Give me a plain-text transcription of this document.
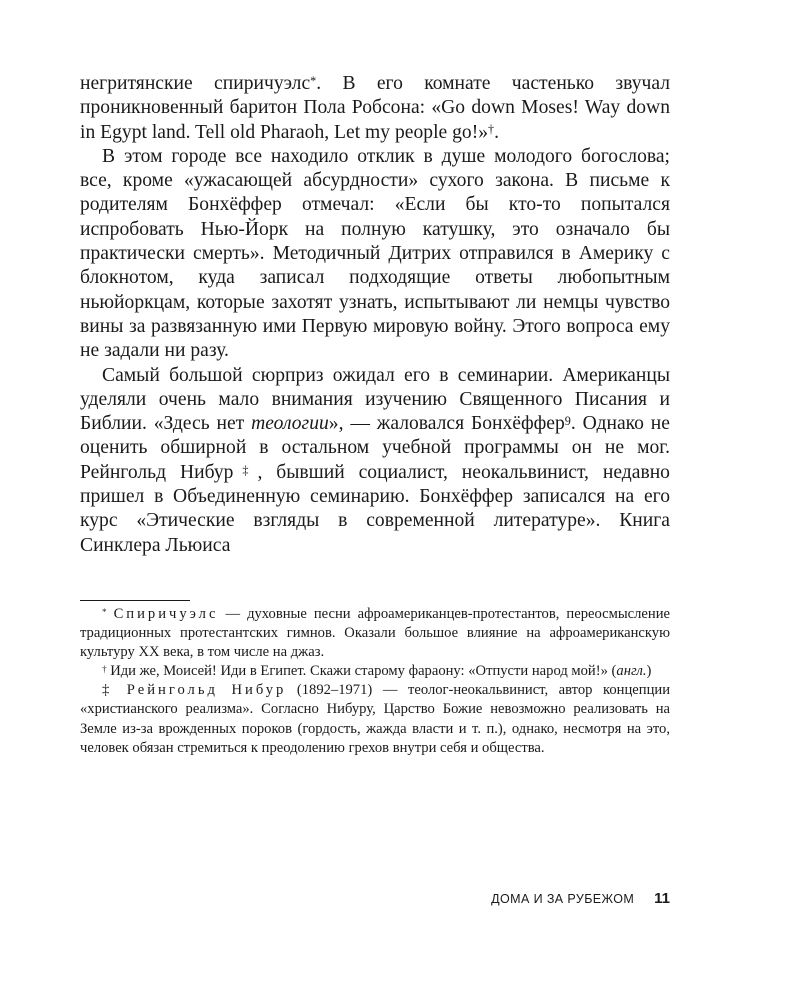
негритянские спиричуэлс*. В его комнате частенько звучал проникновенный баритон Пола Робсона: «Go down Moses! Way down in Egypt land. Tell old Pharaoh, Let my people go!»†.

В этом городе все находило отклик в душе молодого богослова; все, кроме «ужасающей абсурдности» сухого закона. В письме к родителям Бонхёффер отмечал: «Если бы кто-то попытался испробовать Нью-Йорк на полную катушку, это означало бы практически смерть». Методичный Дитрих отправился в Америку с блокнотом, куда записал подходящие ответы любопытным ньюйоркцам, которые захотят узнать, испытывают ли немцы чувство вины за развязанную ими Первую мировую войну. Этого вопроса ему не задали ни разу.

Самый большой сюрприз ожидал его в семинарии. Американцы уделяли очень мало внимания изучению Священного Писания и Библии. «Здесь нет теологии», — жаловался Бонхёффер$^9$. Однако не оценить обширной в остальном учебной программы он не мог. Рейнгольд Нибур‡, бывший социалист, неокальвинист, недавно пришел в Объединенную семинарию. Бонхёффер записался на его курс «Этические взгляды в современной литературе». Книга Синклера Льюиса

* Спиричуэлс — духовные песни афроамериканцев-протестантов, переосмысление традиционных протестантских гимнов. Оказали большое влияние на афроамериканскую культуру XX века, в том числе на джаз.

† Иди же, Моисей! Иди в Египет. Скажи старому фараону: «Отпусти народ мой!» (англ.)

‡ Рейнгольд Нибур (1892–1971) — теолог-неокальвинист, автор концепции «христианского реализма». Согласно Нибуру, Царство Божие невозможно реализовать на Земле из-за врожденных пороков (гордость, жажда власти и т. п.), однако, несмотря на это, человек обязан стремиться к преодолению грехов внутри себя и общества.

ДОМА И ЗА РУБЕЖОМ 11
